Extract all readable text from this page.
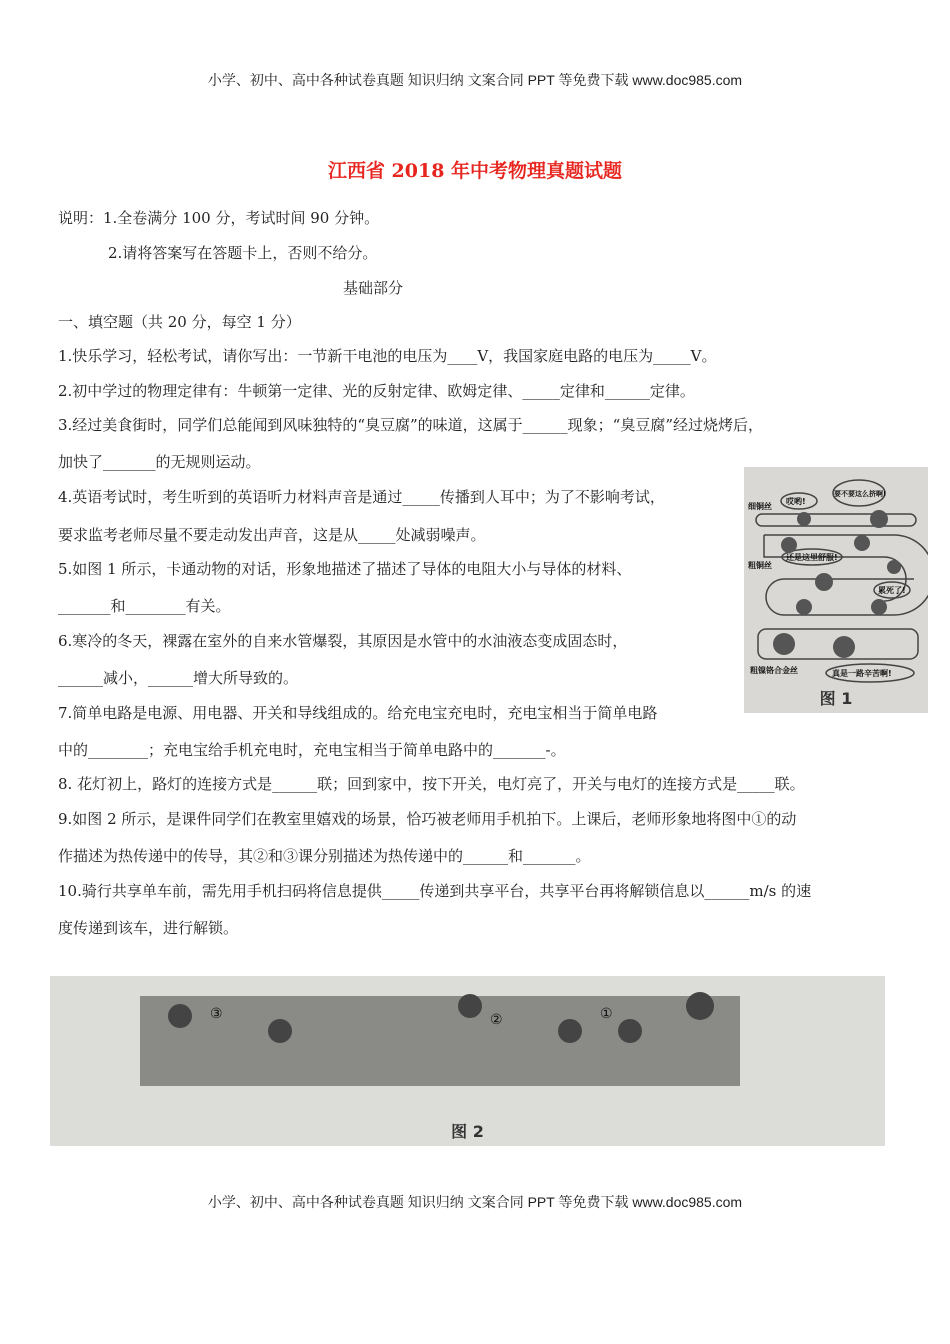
小学、初中、高中各种试卷真题 知识归纳 文案合同 PPT 等免费下载 www.doc985.com
江西省 2018 年中考物理真题试题
说明：1.全卷满分 100 分，考试时间 90 分钟。
2.请将答案写在答题卡上，否则不给分。
基础部分
一、填空题（共 20 分，每空 1 分）
1.快乐学习，轻松考试，请你写出：一节新干电池的电压为____V，我国家庭电路的电压为_____V。
2.初中学过的物理定律有：牛顿第一定律、光的反射定律、欧姆定律、_____定律和______定律。
3.经过美食街时，同学们总能闻到风味独特的“臭豆腐”的味道，这属于______现象；“臭豆腐”经过烧烤后，
加快了_______的无规则运动。
4.英语考试时，考生听到的英语听力材料声音是通过_____传播到人耳中；为了不影响考试，
要求监考老师尽量不要走动发出声音，这是从_____处减弱噪声。
5.如图 1 所示，卡通动物的对话，形象地描述了描述了导体的电阻大小与导体的材料、
_______和________有关。
6.寒冷的冬天，裸露在室外的自来水管爆裂，其原因是水管中的水油液态变成固态时，
______减小，______增大所导致的。
7.简单电路是电源、用电器、开关和导线组成的。给充电宝充电时，充电宝相当于简单电路
中的________；充电宝给手机充电时，充电宝相当于简单电路中的_______-。
8. 花灯初上，路灯的连接方式是______联；回到家中，按下开关，电灯亮了，开关与电灯的连接方式是_____联。
9.如图 2 所示，是课件同学们在教室里嬉戏的场景，恰巧被老师用手机拍下。上课后，老师形象地将图中①的动
作描述为热传递中的传导，其②和③课分别描述为热传递中的______和_______。
10.骑行共享单车前，需先用手机扫码将信息提供_____传递到共享平台，共享平台再将解锁信息以______m/s 的速
度传递到该车，进行解锁。
细铜丝
哎哟!
要不要这么挤啊!
粗铜丝
还是这里舒服!
累死了!
粗镍铬合金丝	真是一路辛苦啊!
图 1
③	②	①
图 2
小学、初中、高中各种试卷真题 知识归纳 文案合同 PPT 等免费下载 www.doc985.com
